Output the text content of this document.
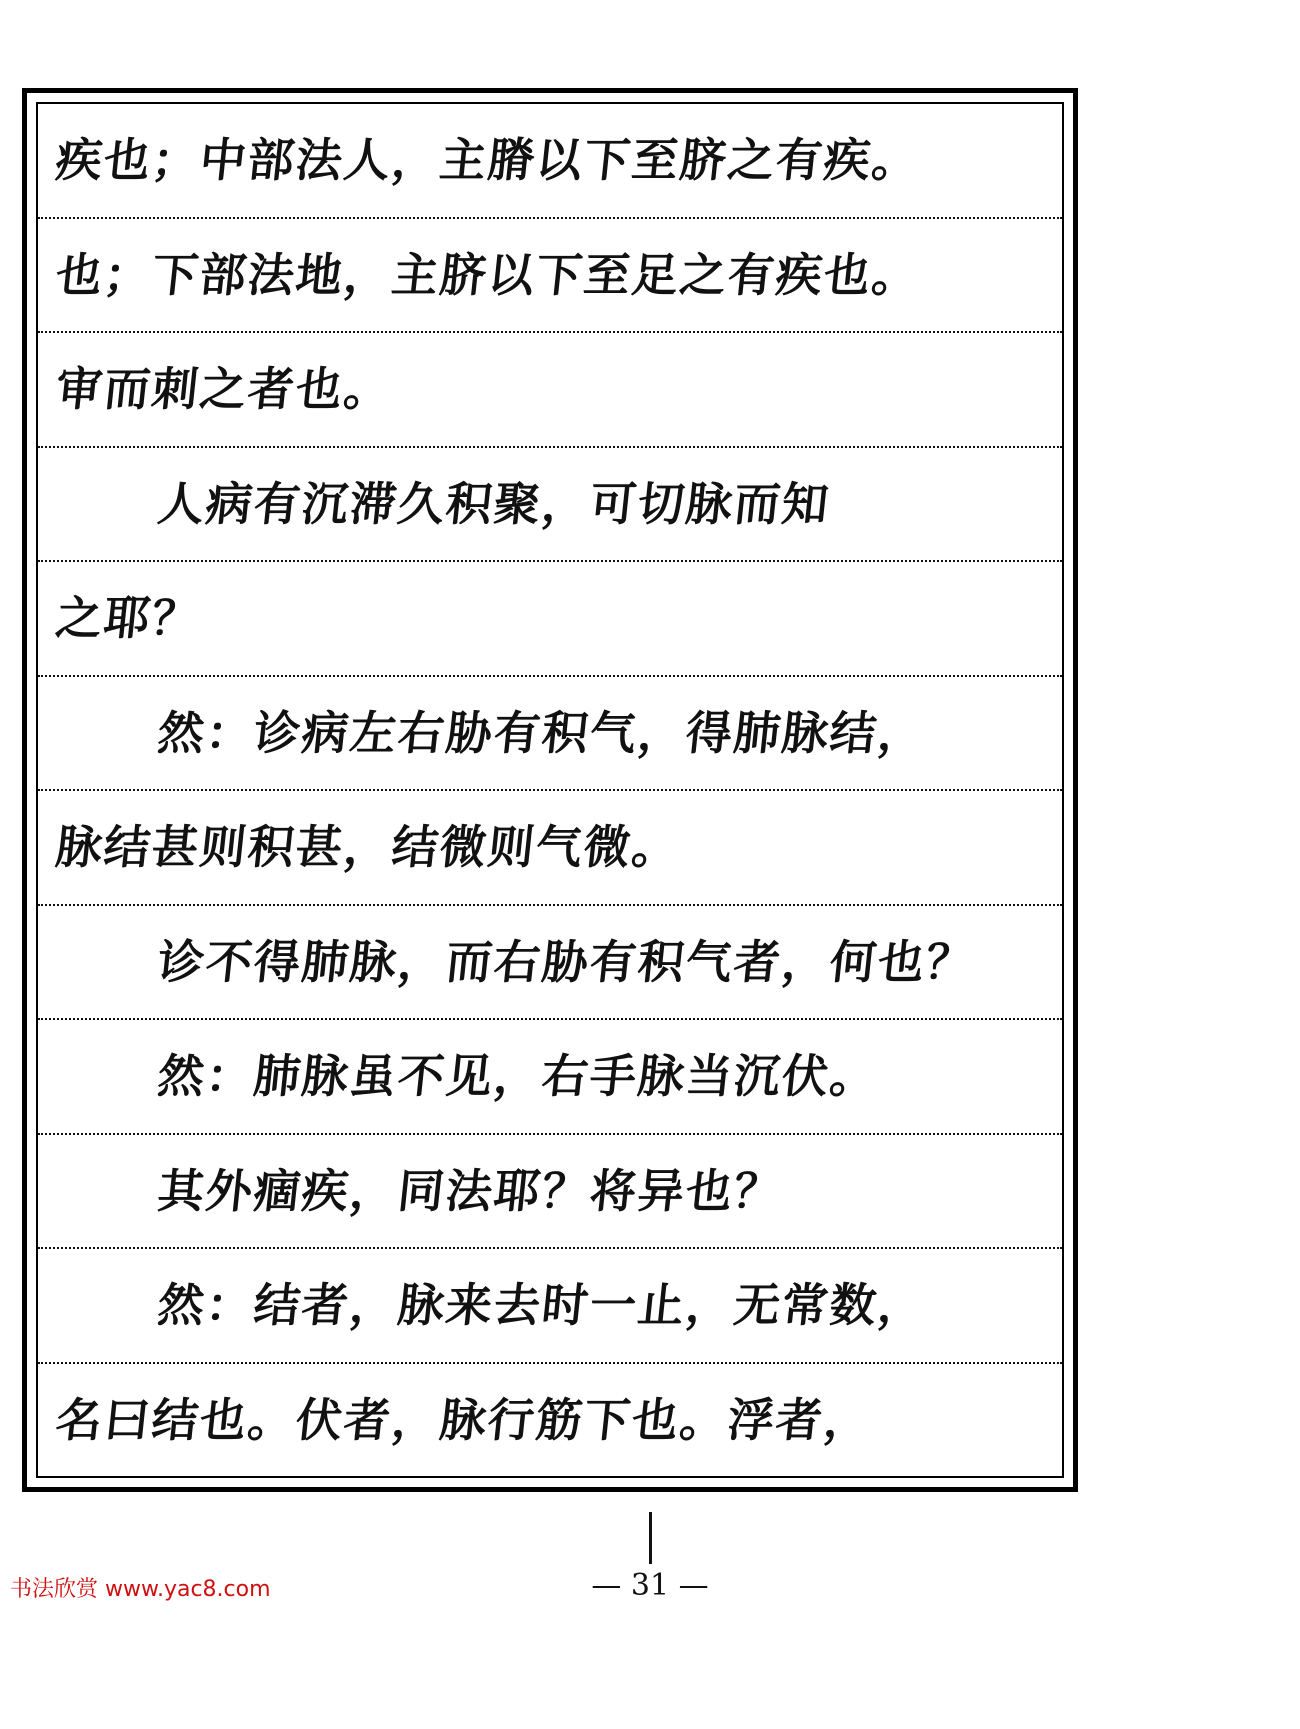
疾也；中部法人，主膌以下至脐之有疾。
也；下部法地，主脐以下至足之有疾也。
审而刺之者也。
人病有沉滞久积聚，可切脉而知
之耶？
然：诊病左右胁有积气，得肺脉结，
脉结甚则积甚，结微则气微。
诊不得肺脉，而右胁有积气者，何也？
然：肺脉虽不见，右手脉当沉伏。
其外痼疾，同法耶？将异也？
然：结者，脉来去时一止，无常数，
名曰结也。伏者，脉行筋下也。浮者，
书法欣赏 www.yac8.com	— 31 —
